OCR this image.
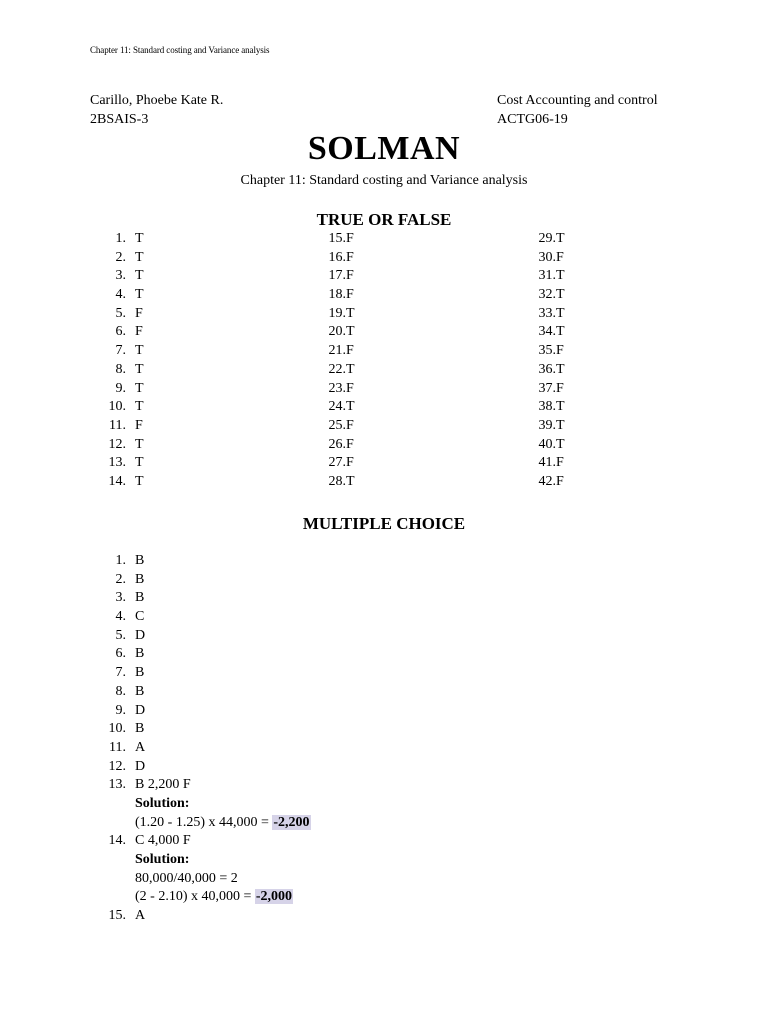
Chapter 11: Standard costing and Variance analysis
Carillo, Phoebe Kate R.
2BSAIS-3
Cost Accounting and control
ACTG06-19
SOLMAN
Chapter 11: Standard costing and Variance analysis
TRUE OR FALSE
1. T
2. T
3. T
4. T
5. F
6. F
7. T
8. T
9. T
10. T
11. F
12. T
13. T
14. T
15. F
16. F
17. F
18. F
19. T
20. T
21. F
22. T
23. F
24. T
25. F
26. F
27. F
28. T
29. T
30. F
31. T
32. T
33. T
34. T
35. F
36. T
37. F
38. T
39. T
40. T
41. F
42. F
MULTIPLE CHOICE
1. B
2. B
3. B
4. C
5. D
6. B
7. B
8. B
9. D
10. B
11. A
12. D
13. B 2,200 F
Solution:
(1.20 - 1.25) x 44,000 = -2,200
14. C 4,000 F
Solution:
80,000/40,000 = 2
(2 - 2.10) x 40,000 = -2,000
15. A
